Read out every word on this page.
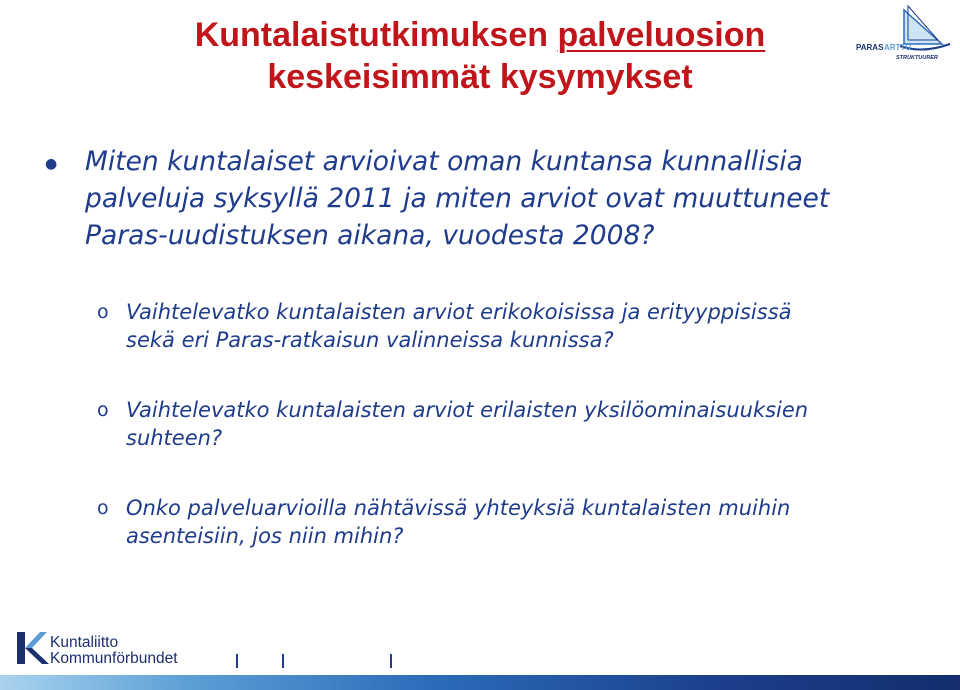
Kuntalaistutkimuksen palveluosion
keskeisimmät kysymykset
PARAS ARTTU
STRUKTUURER
● Miten kuntalaiset arvioivat oman kuntansa kunnallisia
palveluja syksyllä 2011 ja miten arviot ovat muuttuneet
Paras-uudistuksen aikana, vuodesta 2008?
o Vaihtelevatko kuntalaisten arviot erikokoisissa ja erityyppisissä
sekä eri Paras-ratkaisun valinneissa kunnissa?
o Vaihtelevatko kuntalaisten arviot erilaisten yksilöominaisuuksien
suhteen?
o Onko palveluarvioilla nähtävissä yhteyksiä kuntalaisten muihin
asenteisiin, jos niin mihin?
Kuntaliitto
Kommunförbundet
